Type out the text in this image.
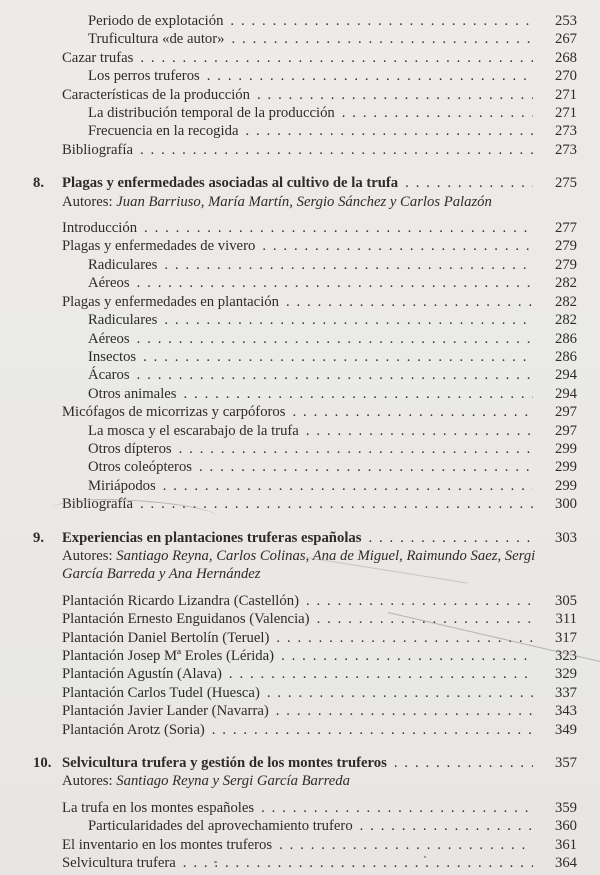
Periodo de explotación . . .	253
Truficultura «de autor» . . .	267
Cazar trufas . . .	268
Los perros truferos . . .	270
Características de la producción . . .	271
La distribución temporal de la producción . . .	271
Frecuencia en la recogida . . .	273
Bibliografía . . .	273
8.	Plagas y enfermedades asociadas al cultivo de la trufa . . .	275
Autores: Juan Barriuso, María Martín, Sergio Sánchez y Carlos Palazón
Introducción . . .	277
Plagas y enfermedades de vivero . . .	279
Radiculares . . .	279
Aéreos . . .	282
Plagas y enfermedades en plantación . . .	282
Radiculares . . .	282
Aéreos . . .	286
Insectos . . .	286
Ácaros . . .	294
Otros animales . . .	294
Micófagos de micorrizas y carpóforos . . .	297
La mosca y el escarabajo de la trufa . . .	297
Otros dípteros . . .	299
Otros coleópteros . . .	299
Miriápodos . . .	299
Bibliografía . . .	300
9.	Experiencias en plantaciones truferas españolas . . .	303
Autores: Santiago Reyna, Carlos Colinas, Ana de Miguel, Raimundo Saez, Sergi García Barreda y Ana Hernández
Plantación Ricardo Lizandra (Castellón) . . .	305
Plantación Ernesto Enguidanos (Valencia) . . .	311
Plantación Daniel Bertolín (Teruel) . . .	317
Plantación Josep Mª Eroles (Lérida) . . .	323
Plantación Agustín (Alava) . . .	329
Plantación Carlos Tudel (Huesca) . . .	337
Plantación Javier Lander (Navarra) . . .	343
Plantación Arotz (Soria) . . .	349
10. Selvicultura trufera y gestión de los montes truferos . . .	357
Autores: Santiago Reyna y Sergi García Barreda
La trufa en los montes españoles . . .	359
Particularidades del aprovechamiento trufero . . .	360
El inventario en los montes truferos . . .	361
Selvicultura trufera . . .	364
